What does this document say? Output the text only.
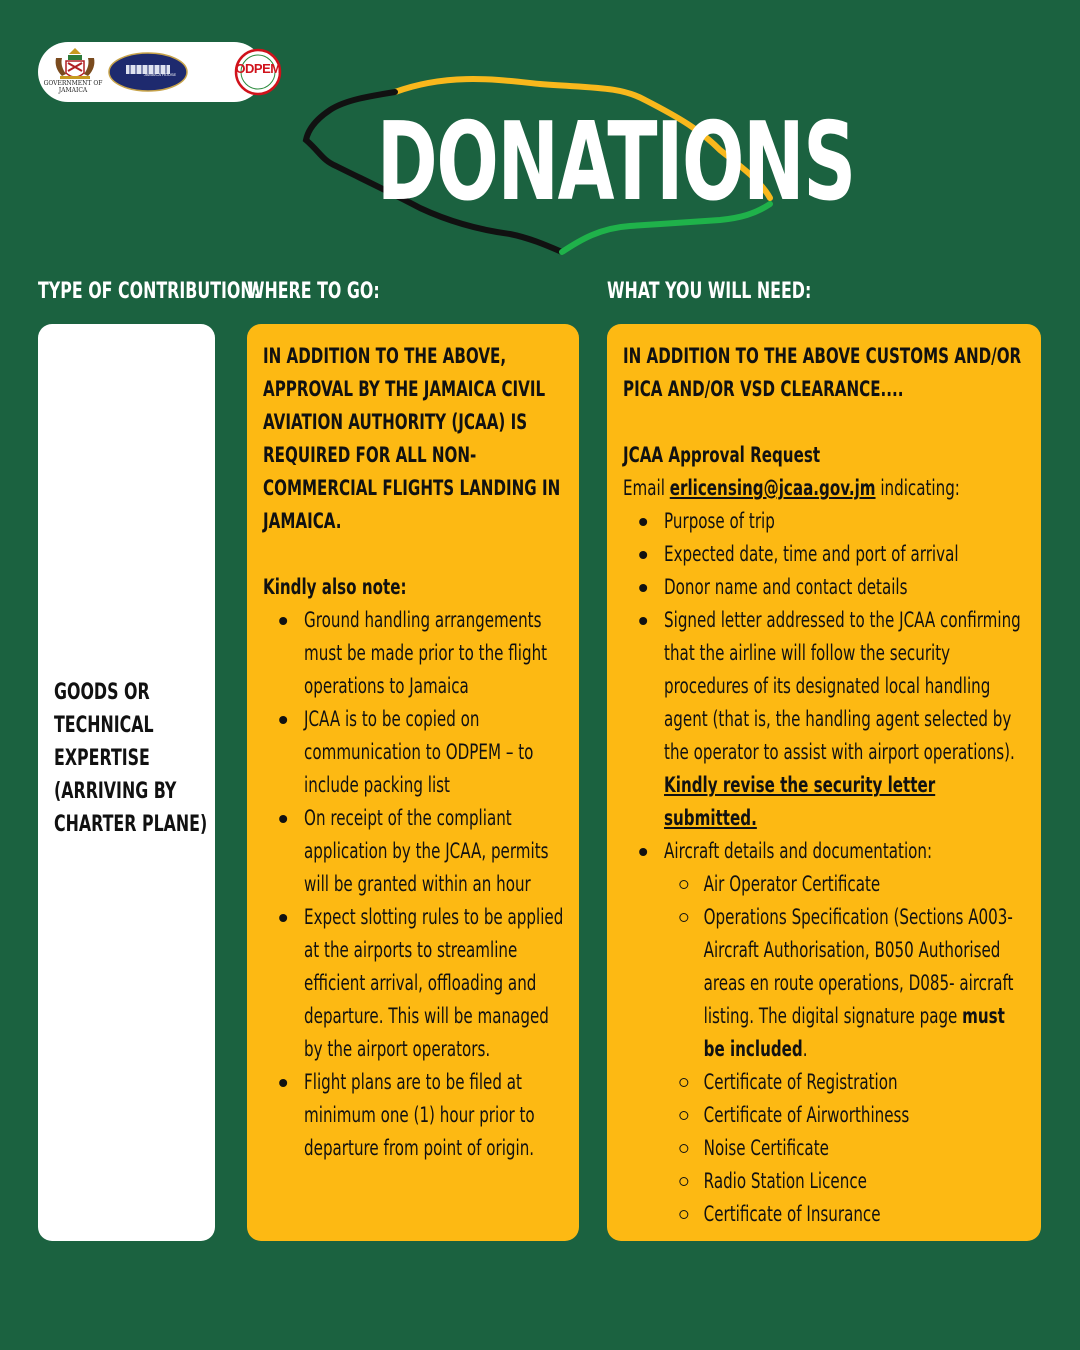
GOVERNMENT OF JAMAICA
JAMAICA HOUSE	ODPEM
DONATIONS
TYPE OF CONTRIBUTION:
WHERE TO GO:	WHAT YOU WILL NEED:
GOODS OR TECHNICAL EXPERTISE (ARRIVING BY CHARTER PLANE)
IN ADDITION TO THE ABOVE, APPROVAL BY THE JAMAICA CIVIL AVIATION AUTHORITY (JCAA) IS REQUIRED FOR ALL NON-COMMERCIAL FLIGHTS LANDING IN JAMAICA.
Kindly also note:
Ground handling arrangements must be made prior to the flight operations to Jamaica
JCAA is to be copied on communication to ODPEM – to include packing list
On receipt of the compliant application by the JCAA, permits will be granted within an hour
Expect slotting rules to be applied at the airports to streamline efficient arrival, offloading and departure. This will be managed by the airport operators.
Flight plans are to be filed at minimum one (1) hour prior to departure from point of origin.
IN ADDITION TO THE ABOVE CUSTOMS AND/OR PICA AND/OR VSD CLEARANCE....
JCAA Approval Request
Email erlicensing@jcaa.gov.jm indicating:
Purpose of trip
Expected date, time and port of arrival
Donor name and contact details
Signed letter addressed to the JCAA confirming that the airline will follow the security procedures of its designated local handling agent (that is, the handling agent selected by the operator to assist with airport operations). Kindly revise the security letter submitted.
Aircraft details and documentation:
Air Operator Certificate
Operations Specification (Sections A003- Aircraft Authorisation, B050 Authorised areas en route operations, D085- aircraft listing. The digital signature page must be included.
Certificate of Registration
Certificate of Airworthiness
Noise Certificate
Radio Station Licence
Certificate of Insurance
